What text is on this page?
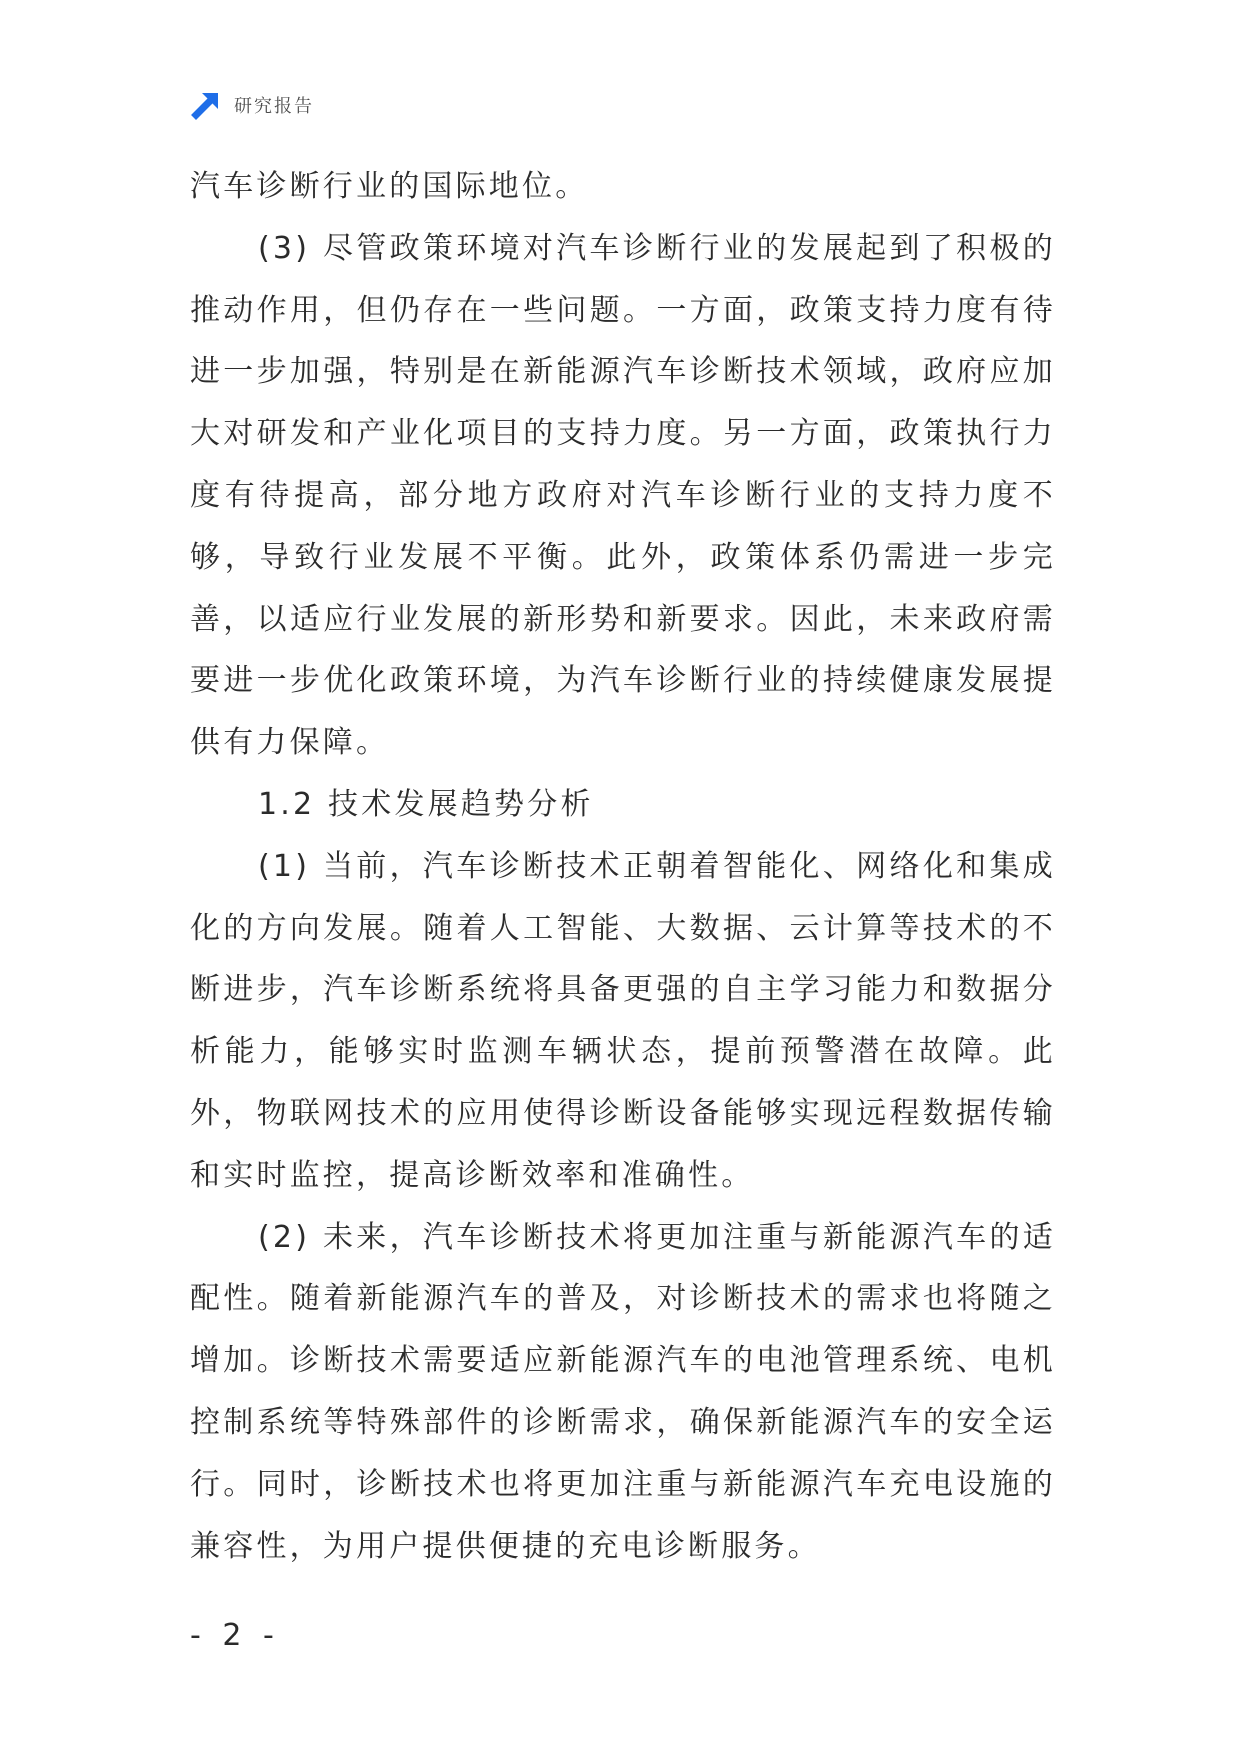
研究报告

汽车诊断行业的国际地位。

(3) 尽管政策环境对汽车诊断行业的发展起到了积极的推动作用，但仍存在一些问题。一方面，政策支持力度有待进一步加强，特别是在新能源汽车诊断技术领域，政府应加大对研发和产业化项目的支持力度。另一方面，政策执行力度有待提高，部分地方政府对汽车诊断行业的支持力度不够，导致行业发展不平衡。此外，政策体系仍需进一步完善，以适应行业发展的新形势和新要求。因此，未来政府需要进一步优化政策环境，为汽车诊断行业的持续健康发展提供有力保障。

1.2 技术发展趋势分析

(1) 当前，汽车诊断技术正朝着智能化、网络化和集成化的方向发展。随着人工智能、大数据、云计算等技术的不断进步，汽车诊断系统将具备更强的自主学习能力和数据分析能力，能够实时监测车辆状态，提前预警潜在故障。此外，物联网技术的应用使得诊断设备能够实现远程数据传输和实时监控，提高诊断效率和准确性。

(2) 未来，汽车诊断技术将更加注重与新能源汽车的适配性。随着新能源汽车的普及，对诊断技术的需求也将随之增加。诊断技术需要适应新能源汽车的电池管理系统、电机控制系统等特殊部件的诊断需求，确保新能源汽车的安全运行。同时，诊断技术也将更加注重与新能源汽车充电设施的兼容性，为用户提供便捷的充电诊断服务。

- 2 -
